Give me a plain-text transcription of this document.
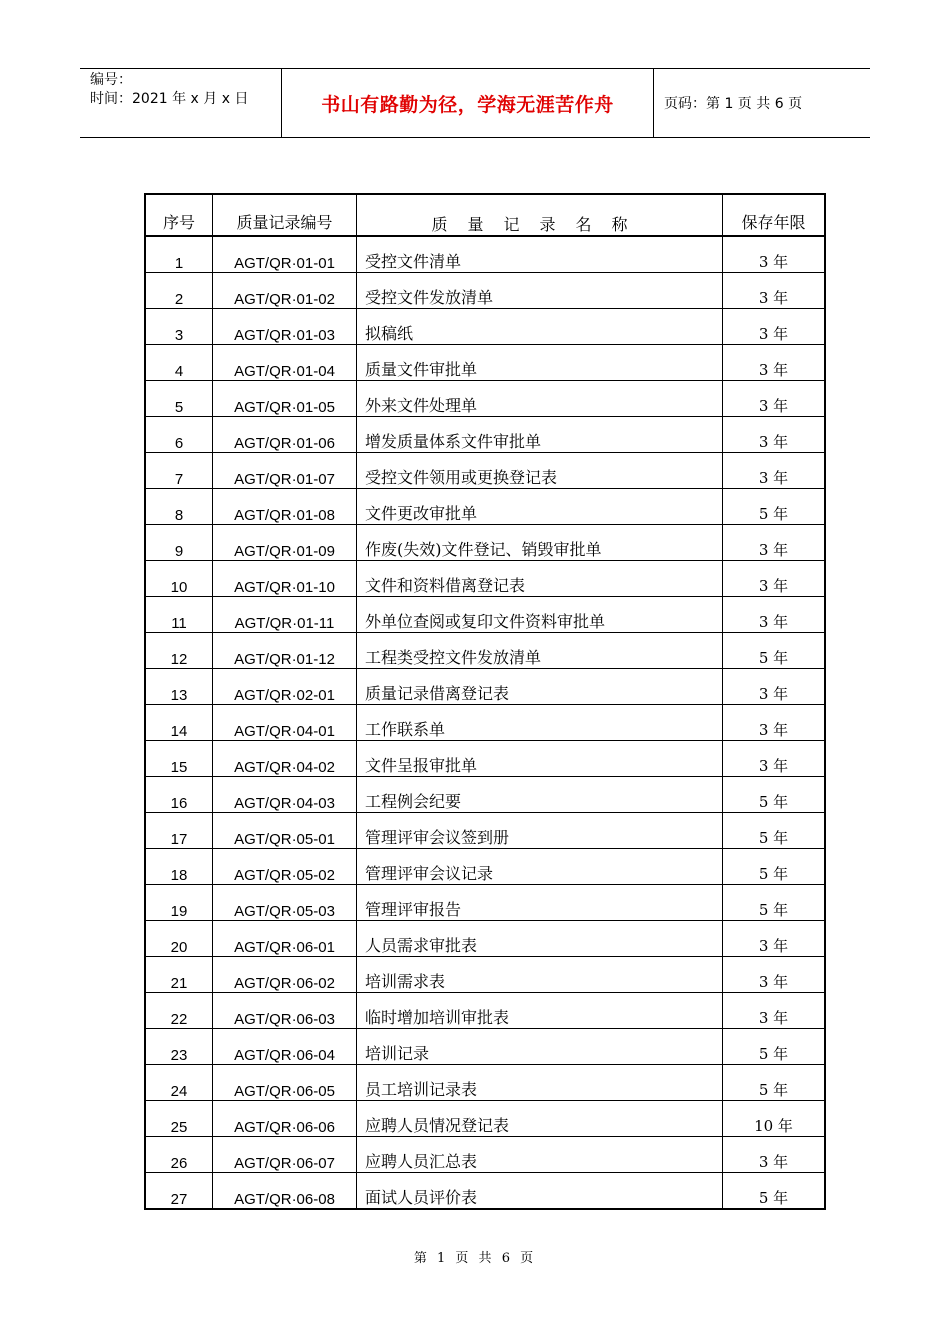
编号：
时间：2021 年 x 月 x 日	书山有路勤为径，学海无涯苦作舟	页码：第 1 页 共 6 页
序号	质量记录编号	质量记录名称	保存年限
1	AGT/QR·01-01	受控文件清单	3 年
2	AGT/QR·01-02	受控文件发放清单	3 年
3	AGT/QR·01-03	拟稿纸	3 年
4	AGT/QR·01-04	质量文件审批单	3 年
5	AGT/QR·01-05	外来文件处理单	3 年
6	AGT/QR·01-06	增发质量体系文件审批单	3 年
7	AGT/QR·01-07	受控文件领用或更换登记表	3 年
8	AGT/QR·01-08	文件更改审批单	5 年
9	AGT/QR·01-09	作废(失效)文件登记、销毁审批单	3 年
10	AGT/QR·01-10	文件和资料借离登记表	3 年
11	AGT/QR·01-11	外单位查阅或复印文件资料审批单	3 年
12	AGT/QR·01-12	工程类受控文件发放清单	5 年
13	AGT/QR·02-01	质量记录借离登记表	3 年
14	AGT/QR·04-01	工作联系单	3 年
15	AGT/QR·04-02	文件呈报审批单	3 年
16	AGT/QR·04-03	工程例会纪要	5 年
17	AGT/QR·05-01	管理评审会议签到册	5 年
18	AGT/QR·05-02	管理评审会议记录	5 年
19	AGT/QR·05-03	管理评审报告	5 年
20	AGT/QR·06-01	人员需求审批表	3 年
21	AGT/QR·06-02	培训需求表	3 年
22	AGT/QR·06-03	临时增加培训审批表	3 年
23	AGT/QR·06-04	培训记录	5 年
24	AGT/QR·06-05	员工培训记录表	5 年
25	AGT/QR·06-06	应聘人员情况登记表	10 年
26	AGT/QR·06-07	应聘人员汇总表	3 年
27	AGT/QR·06-08	面试人员评价表	5 年
第 1 页 共 6 页
